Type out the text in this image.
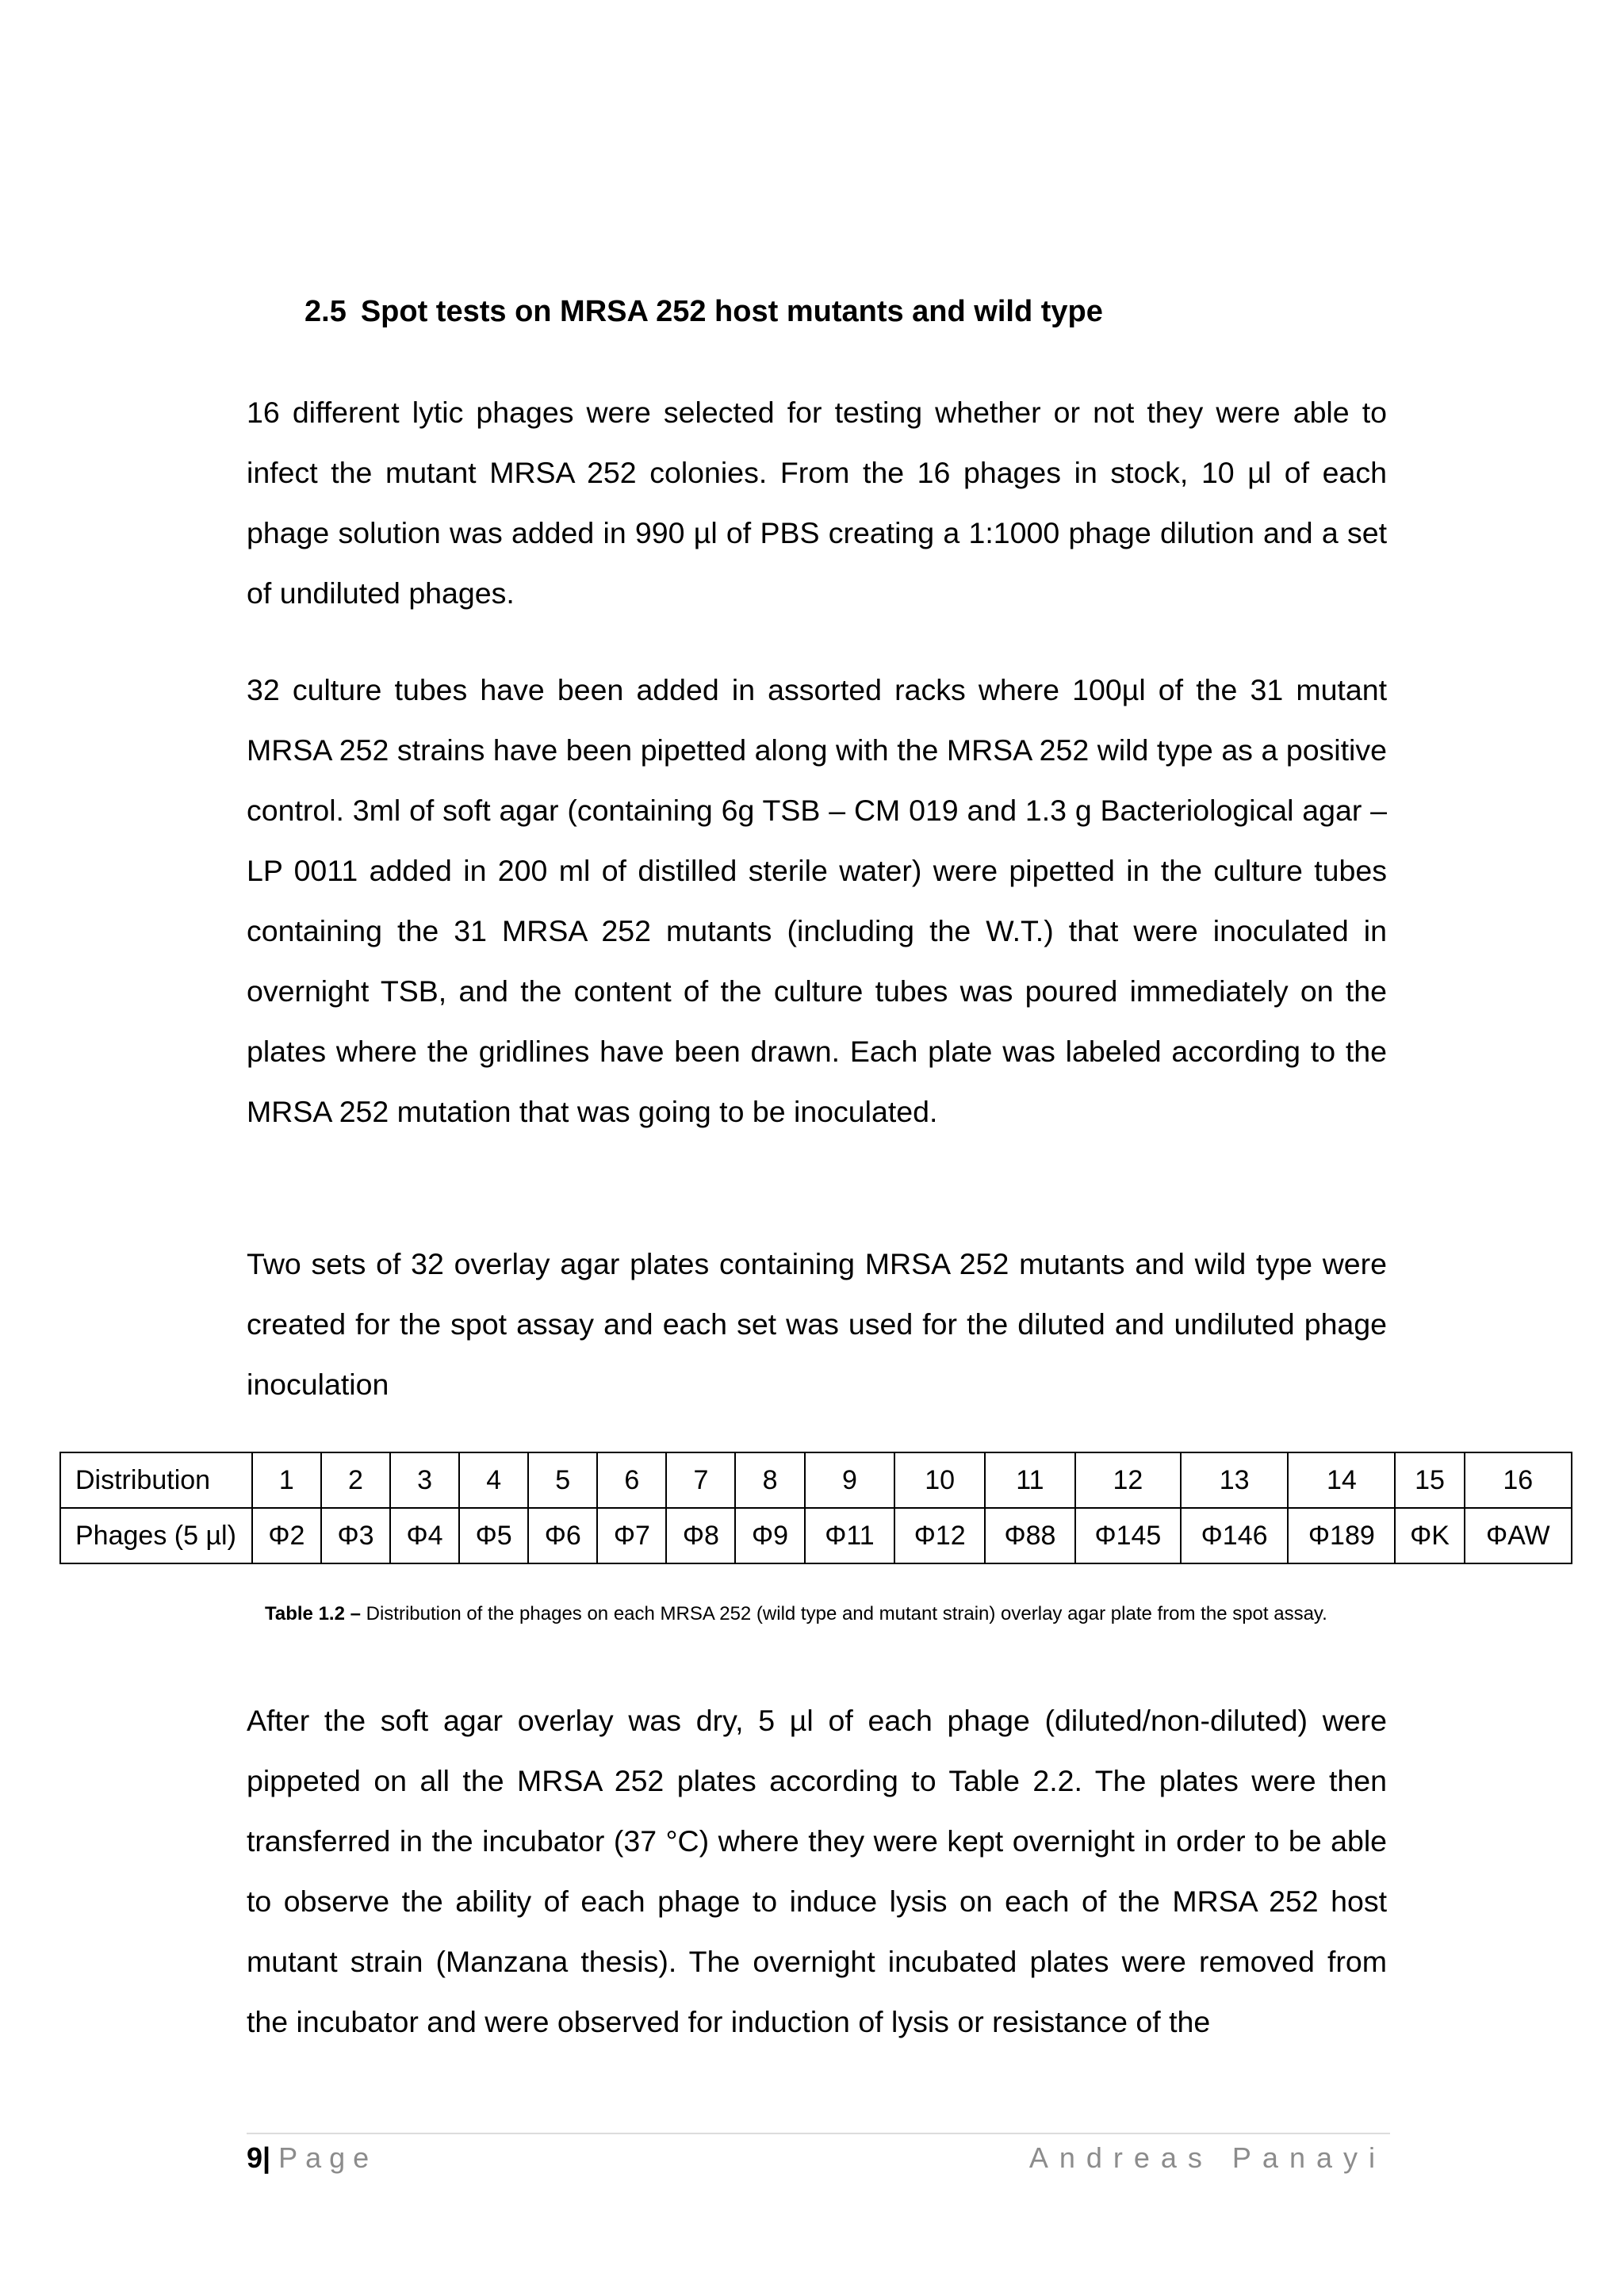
2.5 Spot tests on MRSA 252 host mutants and wild type

16 different lytic phages were selected for testing whether or not they were able to infect the mutant MRSA 252 colonies. From the 16 phages in stock, 10 µl of each phage solution was added in 990 µl of PBS creating a 1:1000 phage dilution and a set of undiluted phages.

32 culture tubes have been added in assorted racks where 100µl of the 31 mutant MRSA 252 strains have been pipetted along with the MRSA 252 wild type as a positive control. 3ml of soft agar (containing 6g TSB – CM 019 and 1.3 g Bacteriological agar – LP 0011 added in 200 ml of distilled sterile water) were pipetted in the culture tubes containing the 31 MRSA 252 mutants (including the W.T.) that were inoculated in overnight TSB, and the content of the culture tubes was poured immediately on the plates where the gridlines have been drawn. Each plate was labeled according to the MRSA 252 mutation that was going to be inoculated.

Two sets of 32 overlay agar plates containing MRSA 252 mutants and wild type were created for the spot assay and each set was used for the diluted and undiluted phage inoculation

Distribution	1	2	3	4	5	6	7	8	9	10	11	12	13	14	15	16
Phages (5 µl)	Φ2	Φ3	Φ4	Φ5	Φ6	Φ7	Φ8	Φ9	Φ11	Φ12	Φ88	Φ145	Φ146	Φ189	ΦK	ΦAW
Table 1.2 – Distribution of the phages on each MRSA 252 (wild type and mutant strain) overlay agar plate from the spot assay.

After the soft agar overlay was dry, 5 µl of each phage (diluted/non-diluted) were pippeted on all the MRSA 252 plates according to Table 2.2. The plates were then transferred in the incubator (37 °C) where they were kept overnight in order to be able to observe the ability of each phage to induce lysis on each of the MRSA 252 host mutant strain (Manzana thesis). The overnight incubated plates were removed from the incubator and were observed for induction of lysis or resistance of the

9| Page	Andreas Panayi
